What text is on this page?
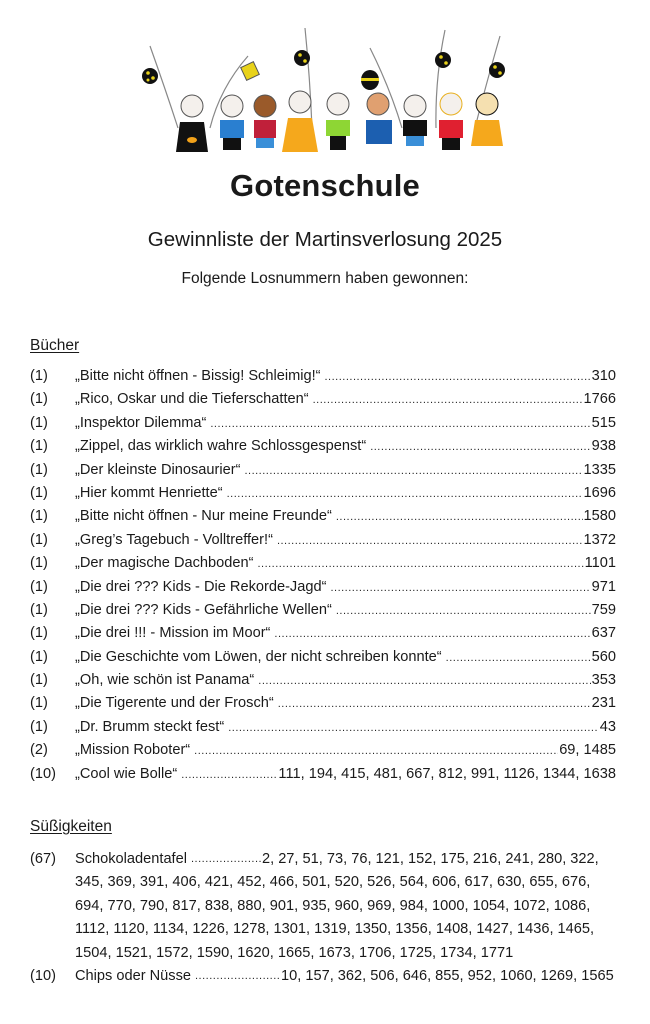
Gotenschule
Gewinnliste der Martinsverlosung 2025
Folgende Losnummern haben gewonnen:
Bücher
(1)	„Bitte nicht öffnen - Bissig! Schleimig!“ .....	310
(1)	„Rico, Oskar und die Tieferschatten“ .....	1766
(1)	„Inspektor Dilemma“ .....	515
(1)	„Zippel, das wirklich wahre Schlossgespenst“ .....	938
(1)	„Der kleinste Dinosaurier“ .....	1335
(1)	„Hier kommt Henriette“ .....	1696
(1)	„Bitte nicht öffnen - Nur meine Freunde“ .....	1580
(1)	„Greg’s Tagebuch - Volltreffer!“ .....	1372
(1)	„Der magische Dachboden“ .....	1101
(1)	„Die drei ??? Kids - Die Rekorde-Jagd“ .....	971
(1)	„Die drei ??? Kids - Gefährliche Wellen“ .....	759
(1)	„Die drei !!! - Mission im Moor“ .....	637
(1)	„Die Geschichte vom Löwen, der nicht schreiben konnte“ .....	560
(1)	„Oh, wie schön ist Panama“ .....	353
(1)	„Die Tigerente und der Frosch“ .....	231
(1)	„Dr. Brumm steckt fest“ .....	43
(2)	„Mission Roboter“ .....	69, 1485
(10)	„Cool wie Bolle“ .....	111, 194, 415, 481, 667, 812, 991, 1126, 1344, 1638
Süßigkeiten
(67)	Schokoladentafel .....	2, 27, 51, 73, 76, 121, 152, 175, 216, 241, 280, 322,
345, 369, 391, 406, 421, 452, 466, 501, 520, 526, 564, 606, 617, 630, 655, 676,
694, 770, 790, 817, 838, 880, 901, 935, 960, 969, 984, 1000, 1054, 1072, 1086,
1112, 1120, 1134, 1226, 1278, 1301, 1319, 1350, 1356, 1408, 1427, 1436, 1465,
1504, 1521, 1572, 1590, 1620, 1665, 1673, 1706, 1725, 1734, 1771
(10)	Chips oder Nüsse .....	10, 157, 362, 506, 646, 855, 952, 1060, 1269, 1565
